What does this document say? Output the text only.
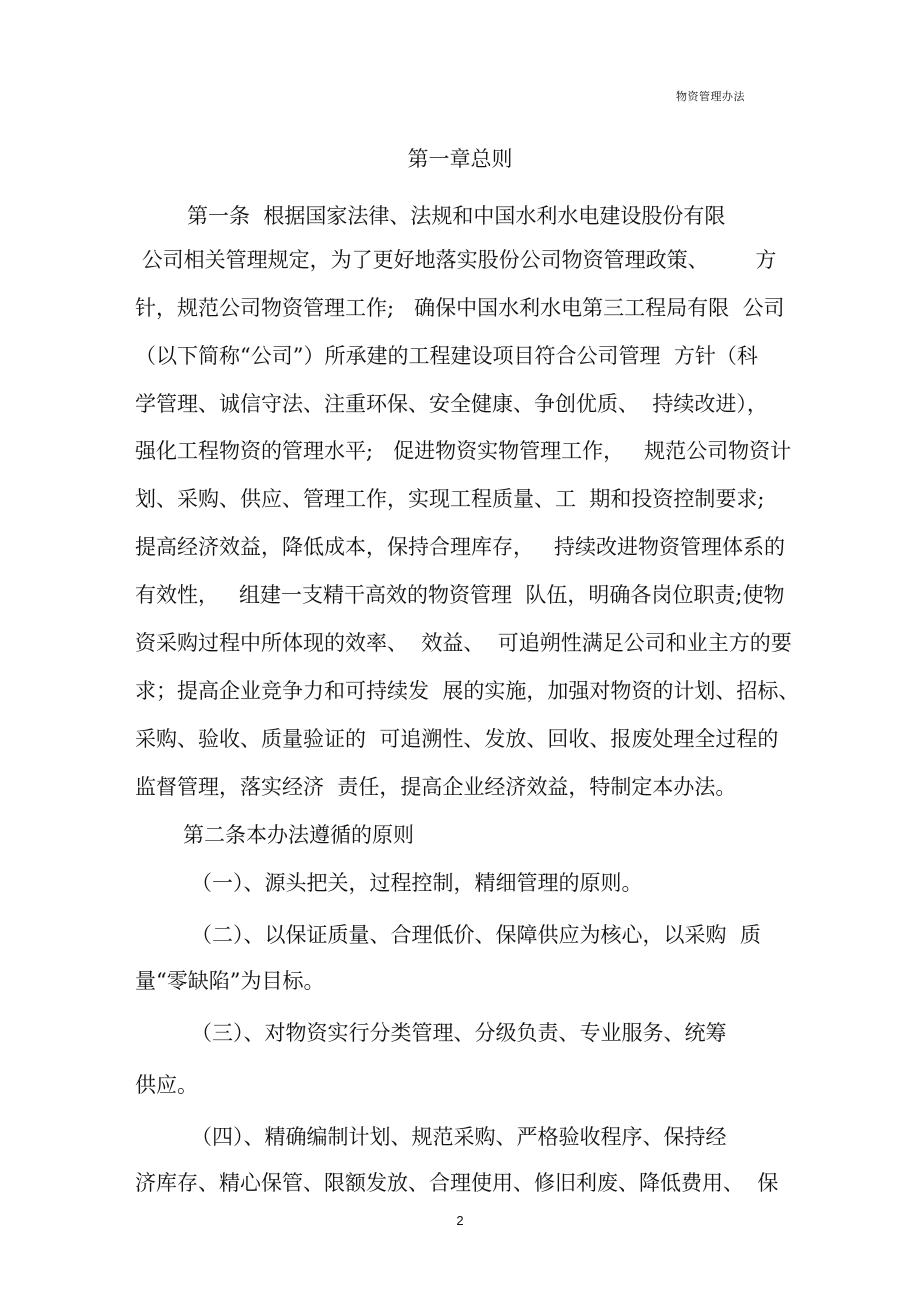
物资管理办法
第一章总则
第一条  根据国家法律、法规和中国水利水电建设股份有限
公司相关管理规定，为了更好地落实股份公司物资管理政策、       方
针，规范公司物资管理工作;   确保中国水利水电第三工程局有限  公司
（以下简称“公司”）所承建的工程建设项目符合公司管理  方针（科
学管理、诚信守法、注重环保、安全健康、争创优质、  持续改进），
强化工程物资的管理水平;   促进物资实物管理工作，   规范公司物资计
划、采购、供应、管理工作，实现工程质量、工  期和投资控制要求;
提高经济效益，降低成本，保持合理库存，   持续改进物资管理体系的
有效性，   组建一支精干高效的物资管理  队伍，明确各岗位职责;使物
资采购过程中所体现的效率、  效益、  可追朔性满足公司和业主方的要
求；提高企业竞争力和可持续发  展的实施，加强对物资的计划、招标、
采购、验收、质量验证的  可追溯性、发放、回收、报废处理全过程的
监督管理，落实经济  责任，提高企业经济效益，特制定本办法。
第二条本办法遵循的原则
（一）、源头把关，过程控制，精细管理的原则。
（二）、以保证质量、合理低价、保障供应为核心，以采购  质
量“零缺陷”为目标。
（三）、对物资实行分类管理、分级负责、专业服务、统筹
供应。
（四）、精确编制计划、规范采购、严格验收程序、保持经
济库存、精心保管、限额发放、合理使用、修旧利废、降低费用、  保
2
